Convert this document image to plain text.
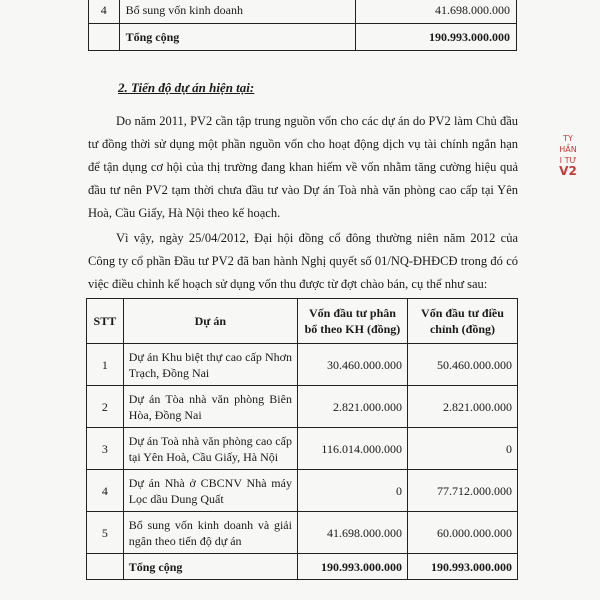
4	Bổ sung vốn kinh doanh	41.698.000.000
	Tổng cộng	190.993.000.000
2. Tiến độ dự án hiện tại:

Do năm 2011, PV2 cần tập trung nguồn vốn cho các dự án do PV2 làm Chủ đầu tư đồng thời sử dụng một phần nguồn vốn cho hoạt động dịch vụ tài chính ngắn hạn để tận dụng cơ hội của thị trường đang khan hiếm về vốn nhằm tăng cường hiệu quả đầu tư nên PV2 tạm thời chưa đầu tư vào Dự án Toà nhà văn phòng cao cấp tại Yên Hoà, Cầu Giấy, Hà Nội theo kế hoạch.

Vì vậy, ngày 25/04/2012, Đại hội đồng cổ đông thường niên năm 2012 của Công ty cổ phần Đầu tư PV2 đã ban hành Nghị quyết số 01/NQ-ĐHĐCĐ trong đó có việc điều chỉnh kế hoạch sử dụng vốn thu được từ đợt chào bán, cụ thể như sau:

STT	Dự án	Vốn đầu tư phân bổ theo KH (đồng)	Vốn đầu tư điều chỉnh (đồng)
1	Dự án Khu biệt thự cao cấp Nhơn Trạch, Đồng Nai	30.460.000.000	50.460.000.000
2	Dự án Tòa nhà văn phòng Biên Hòa, Đồng Nai	2.821.000.000	2.821.000.000
3	Dự án Toà nhà văn phòng cao cấp tại Yên Hoà, Cầu Giấy, Hà Nội	116.014.000.000	0
4	Dự án Nhà ở CBCNV Nhà máy Lọc dầu Dung Quất	0	77.712.000.000
5	Bổ sung vốn kinh doanh và giải ngân theo tiến độ dự án	41.698.000.000	60.000.000.000
	Tổng cộng	190.993.000.000	190.993.000.000
TY
HẦN
I TƯ
V2
